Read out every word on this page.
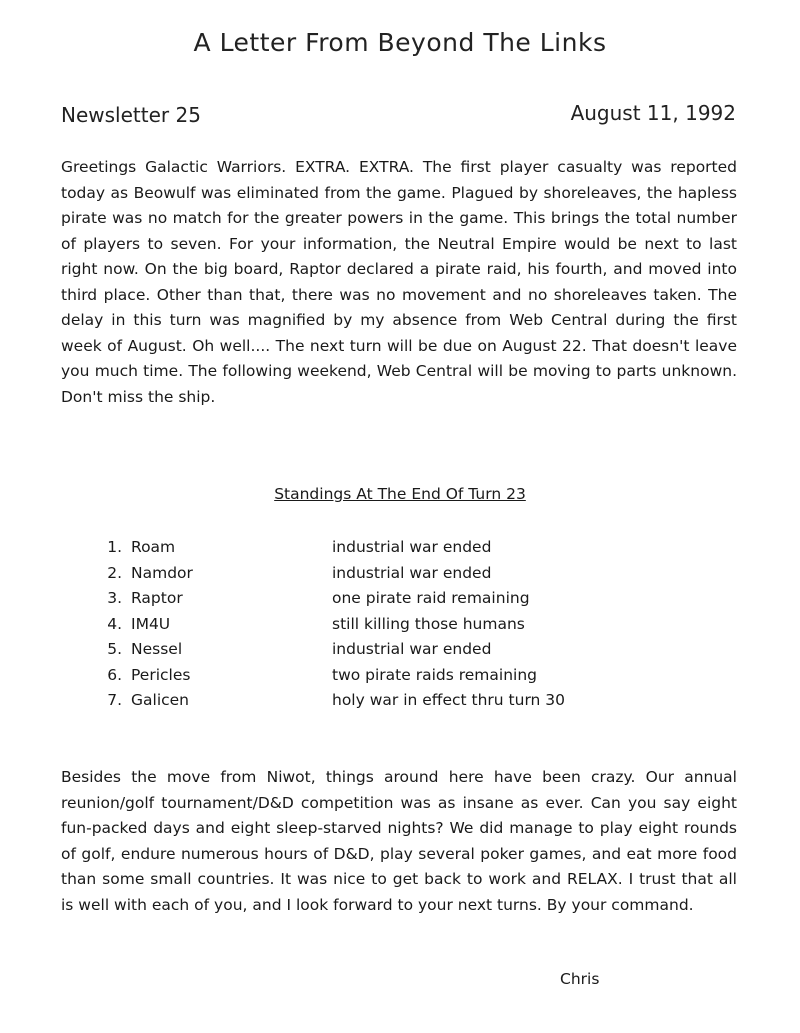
A Letter From Beyond The Links
Newsletter 25	August 11, 1992

Greetings Galactic Warriors. EXTRA. EXTRA. The first player casualty was reported today as Beowulf was eliminated from the game. Plagued by shoreleaves, the hapless pirate was no match for the greater powers in the game. This brings the total number of players to seven. For your information, the Neutral Empire would be next to last right now. On the big board, Raptor declared a pirate raid, his fourth, and moved into third place. Other than that, there was no movement and no shoreleaves taken. The delay in this turn was magnified by my absence from Web Central during the first week of August. Oh well.... The next turn will be due on August 22. That doesn't leave you much time. The following weekend, Web Central will be moving to parts unknown. Don't miss the ship.

Standings At The End Of Turn 23
1. Roam	industrial war ended
2. Namdor	industrial war ended
3. Raptor	one pirate raid remaining
4. IM4U	still killing those humans
5. Nessel	industrial war ended
6. Pericles	two pirate raids remaining
7. Galicen	holy war in effect thru turn 30

Besides the move from Niwot, things around here have been crazy. Our annual reunion/golf tournament/D&D competition was as insane as ever. Can you say eight fun-packed days and eight sleep-starved nights? We did manage to play eight rounds of golf, endure numerous hours of D&D, play several poker games, and eat more food than some small countries. It was nice to get back to work and RELAX. I trust that all is well with each of you, and I look forward to your next turns. By your command.

Chris
